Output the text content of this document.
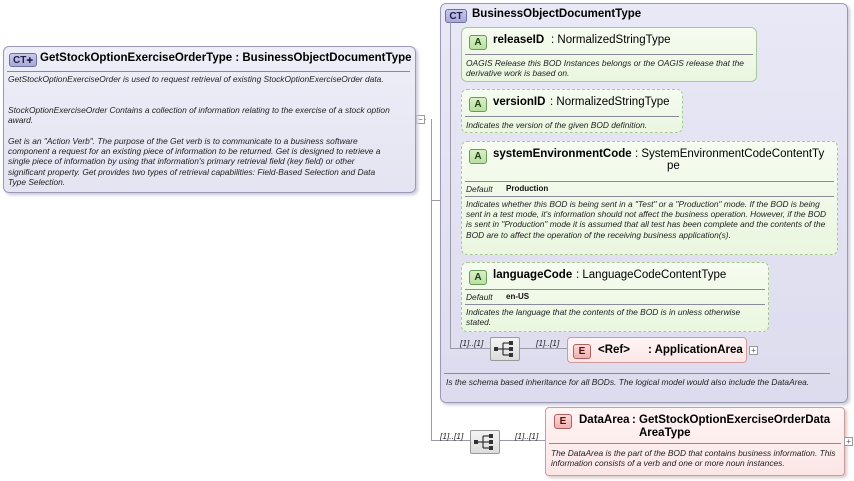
−
CT✚ GetStockOptionExerciseOrderType : BusinessObjectDocumentType
GetStockOptionExerciseOrder is used to request retrieval of existing StockOptionExerciseOrder data.
StockOptionExerciseOrder Contains a collection of information relating to the exercise of a stock option award.
Get is an "Action Verb". The purpose of the Get verb is to communicate to a business software component a request for an existing piece of information to be returned. Get is designed to retrieve a single piece of information by using that information's primary retrieval field (key field) or other significant property. Get provides two types of retrieval capabilities: Field-Based Selection and Data Type Selection.
CT BusinessObjectDocumentType
A releaseID : NormalizedStringType
OAGIS Release this BOD Instances belongs or the OAGIS release that the derivative work is based on.
A versionID : NormalizedStringType
Indicates the version of the given BOD definition.
A systemEnvironmentCode : SystemEnvironmentCodeContentTy
pe
Default Production
Indicates whether this BOD is being sent in a "Test" or a "Production" mode. If the BOD is being sent in a test mode, it's information should not affect the business operation. However, if the BOD is sent in "Production" mode it is assumed that all test has been complete and the contents of the BOD are to affect the operation of the receiving business application(s).
A languageCode : LanguageCodeContentType
Default en-US
Indicates the language that the contents of the BOD is in unless otherwise stated.
[1]..[1]	[1]..[1]
E	<Ref> : ApplicationArea +
Is the schema based inheritance for all BODs. The logical model would also include the DataArea.
[1]..[1]	[1]..[1]
E	DataArea : GetStockOptionExerciseOrderData
AreaType
The DataArea is the part of the BOD that contains business information. This information consists of a verb and one or more noun instances.
+
